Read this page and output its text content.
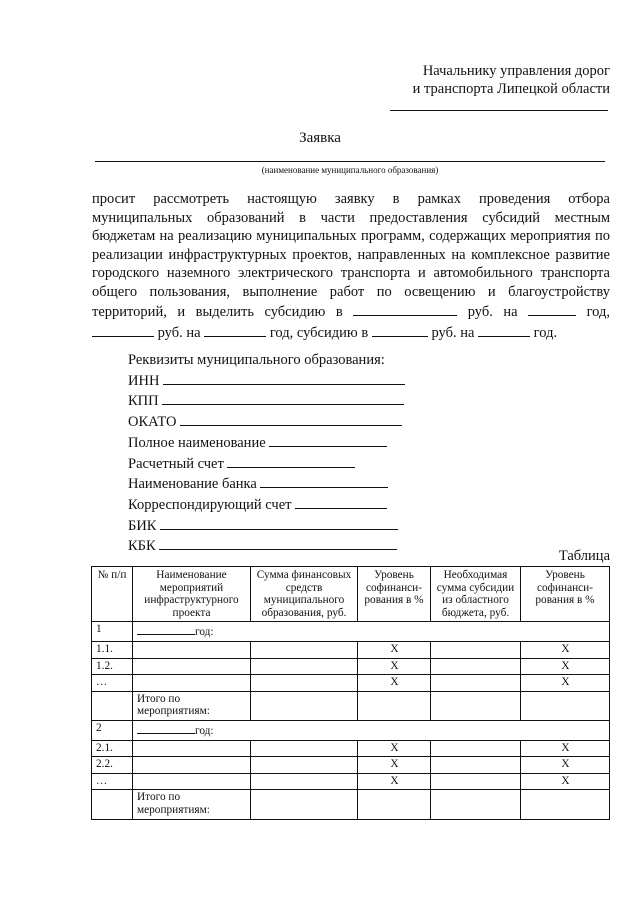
Начальнику управления дорог
и транспорта Липецкой области
Заявка
(наименование муниципального образования)
просит рассмотреть настоящую заявку в рамках проведения отбора муниципальных образований в части предоставления субсидий местным бюджетам на реализацию муниципальных программ, содержащих мероприятия по реализации инфраструктурных проектов, направленных на комплексное развитие городского наземного электрического транспорта и автомобильного транспорта общего пользования, выполнение работ по освещению и благоустройству территорий, и выделить субсидию в	руб. на	год,  руб. на	год, субсидию в	руб. на	год.
Реквизиты муниципального образования:
ИНН
КПП
ОКАТО
Полное наименование
Расчетный счет
Наименование банка
Корреспондирующий счет
БИК
КБК
Таблица
№ п/п	Наименование мероприятий инфраструктурного проекта	Сумма финансовых средств муниципального образования, руб.	Уровень софинанси-рования в %	Необходимая сумма субсидии из областного бюджета, руб.	Уровень софинанси-рования в %
1	год:				
1.1.			X		X
1.2.			X		X
…			X		X
	Итого по мероприятиям:				
2	год:				
2.1.			X		X
2.2.			X		X
…			X		X
	Итого по мероприятиям:				
